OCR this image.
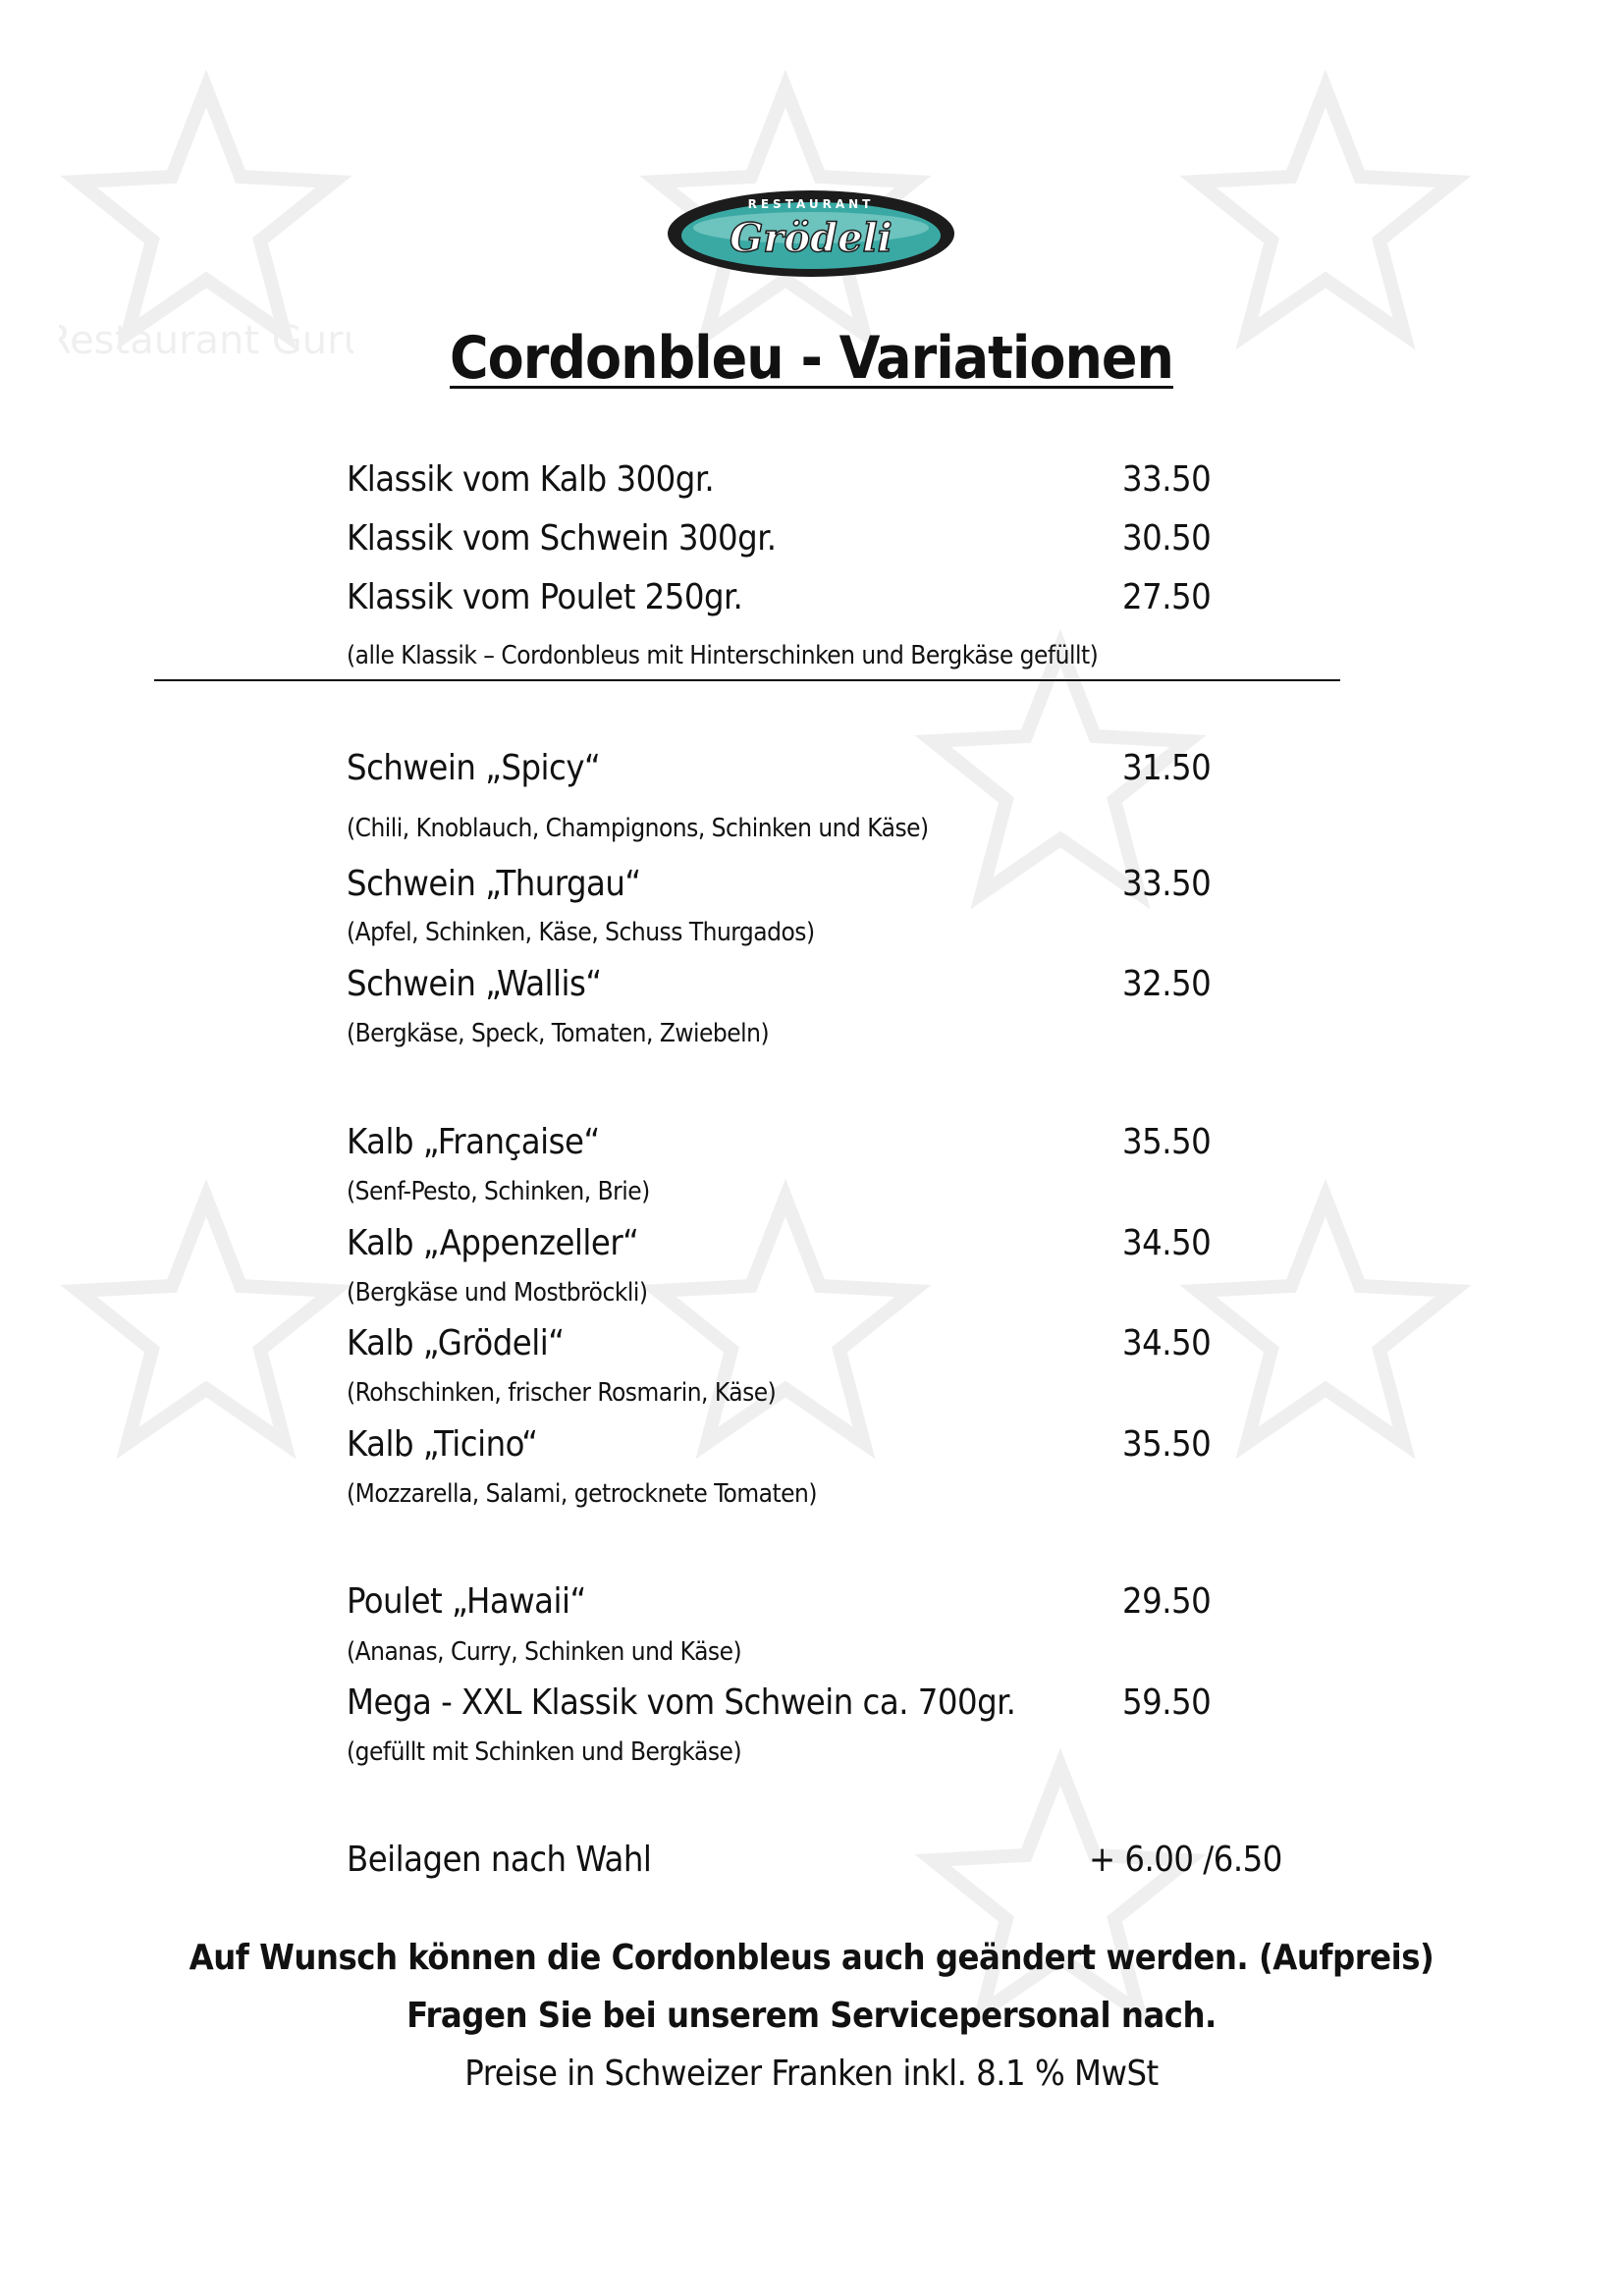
Restaurant Guru
RESTAURANT
Grödeli
Cordonbleu - Variationen
Klassik vom Kalb 300gr.	33.50
Klassik vom Schwein 300gr.	30.50
Klassik vom Poulet 250gr.	27.50
(alle Klassik – Cordonbleus mit Hinterschinken und Bergkäse gefüllt)
Schwein „Spicy“	31.50
(Chili, Knoblauch, Champignons, Schinken und Käse)
Schwein „Thurgau“	33.50
(Apfel, Schinken, Käse, Schuss Thurgados)
Schwein „Wallis“	32.50
(Bergkäse, Speck, Tomaten, Zwiebeln)
Kalb „Française“	35.50
(Senf-Pesto, Schinken, Brie)
Kalb „Appenzeller“	34.50
(Bergkäse und Mostbröckli)
Kalb „Grödeli“	34.50
(Rohschinken, frischer Rosmarin, Käse)
Kalb „Ticino“	35.50
(Mozzarella, Salami, getrocknete Tomaten)
Poulet „Hawaii“	29.50
(Ananas, Curry, Schinken und Käse)
Mega - XXL Klassik vom Schwein ca. 700gr.	59.50
(gefüllt mit Schinken und Bergkäse)
Beilagen nach Wahl	+ 6.00 /6.50
Auf Wunsch können die Cordonbleus auch geändert werden. (Aufpreis)
Fragen Sie bei unserem Servicepersonal nach.
Preise in Schweizer Franken inkl. 8.1 % MwSt
